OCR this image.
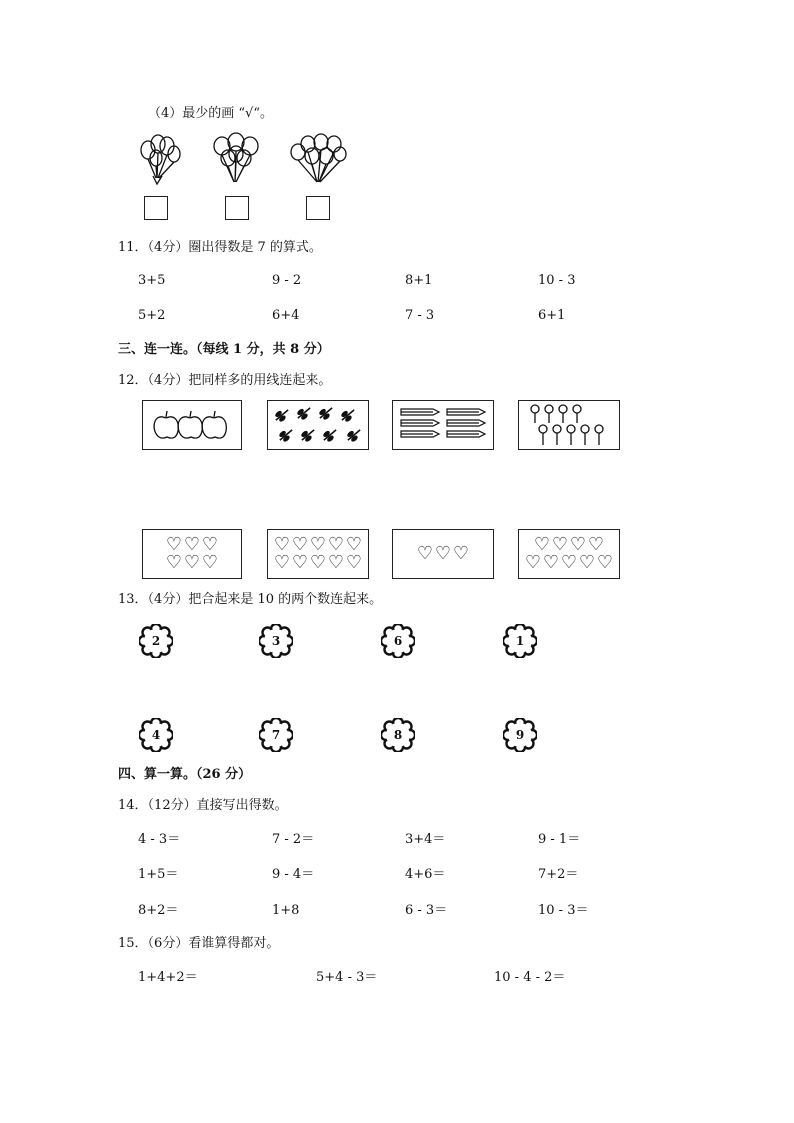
（4）最少的画 “√“。
11．（4分）圈出得数是 7 的算式。
3+5	9 - 2	8+1	10 - 3
5+2	6+4	7 - 3	6+1
三、连一连。（每线 1 分，共 8 分）
12．（4分）把同样多的用线连起来。
♡ ♡ ♡
♡ ♡ ♡
♡ ♡ ♡ ♡ ♡
♡ ♡ ♡ ♡ ♡	♡ ♡ ♡	♡ ♡ ♡ ♡
♡ ♡ ♡ ♡ ♡
13．（4分）把合起来是 10 的两个数连起来。
2	3	6	1
4	7	8	9
四、算一算。（26 分）
14．（12分）直接写出得数。
4 - 3＝	7 - 2＝	3+4＝	9 - 1＝
1+5＝	9 - 4＝	4+6＝	7+2＝
8+2＝	1+8	6 - 3＝	10 - 3＝
15．（6分）看谁算得都对。
1+4+2＝	5+4 - 3＝	10 - 4 - 2＝
